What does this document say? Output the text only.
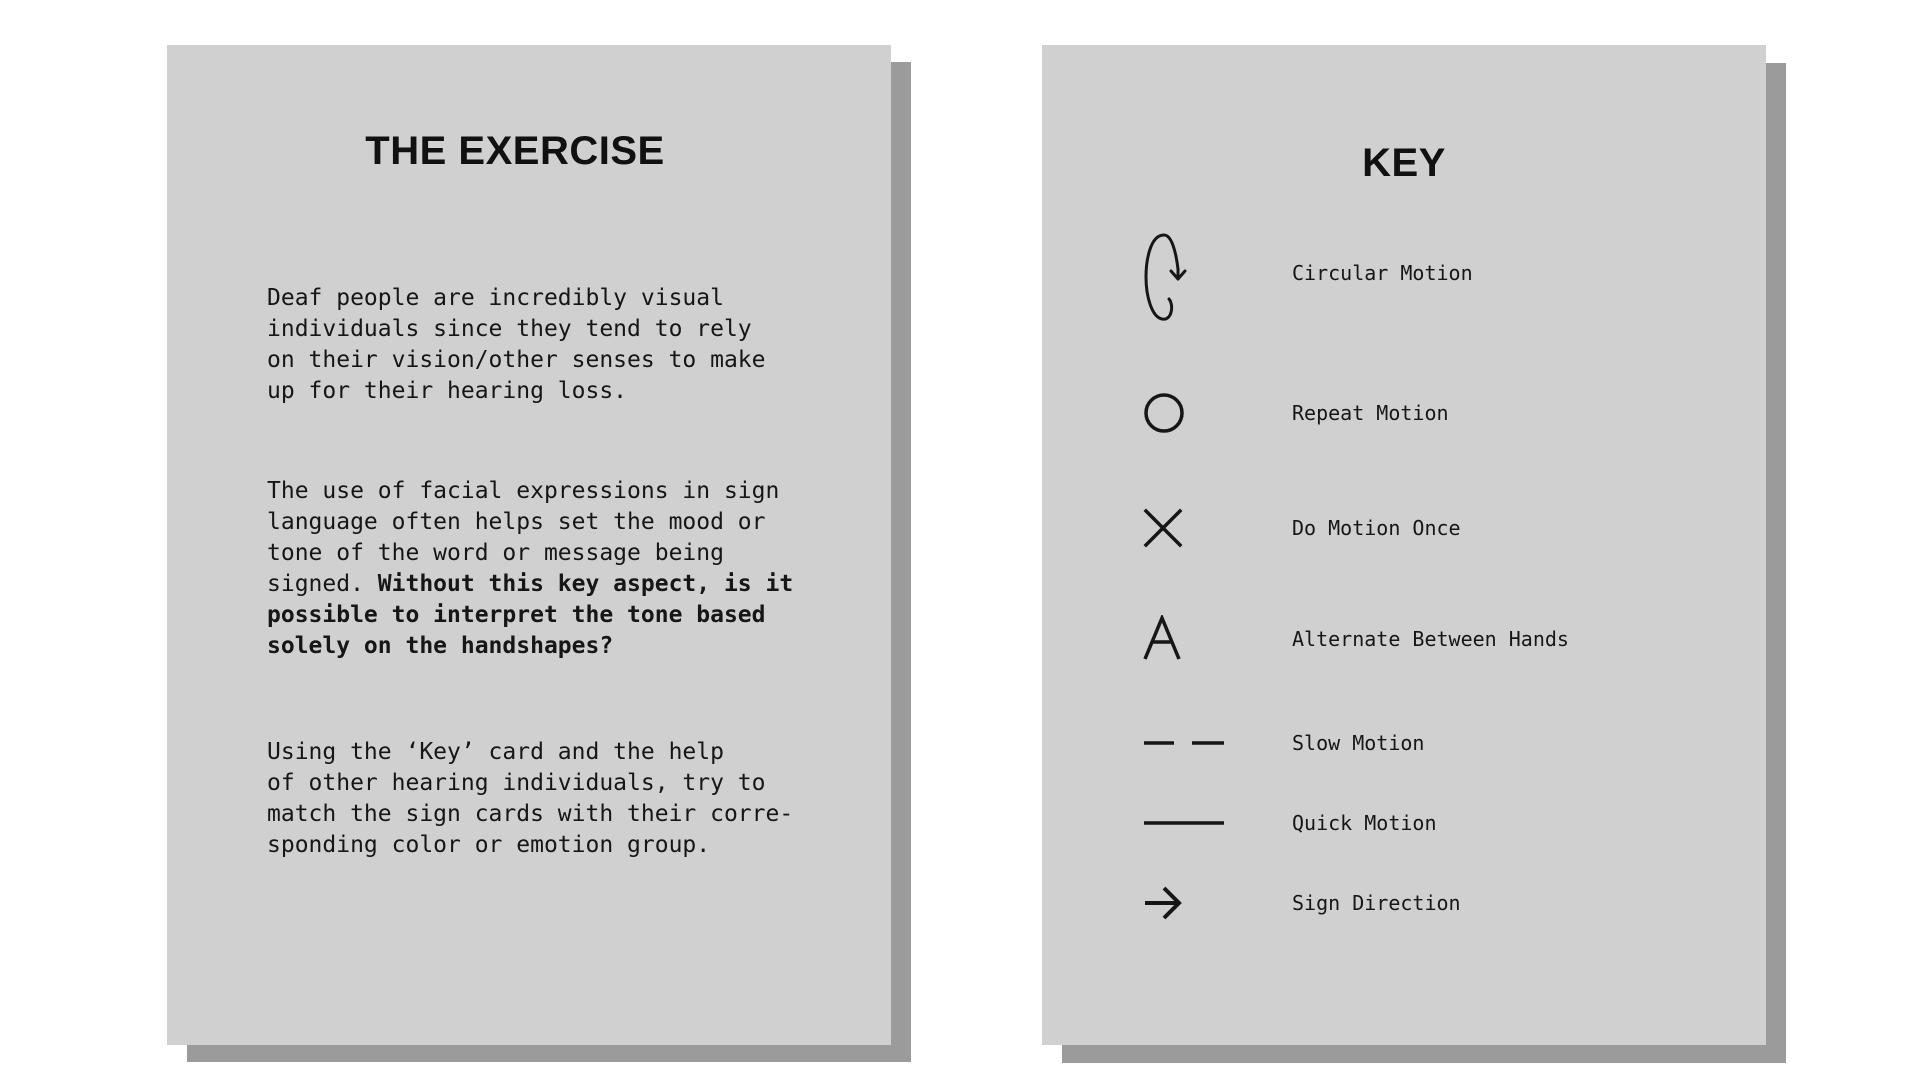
THE EXERCISE

Deaf people are incredibly visual
individuals since they tend to rely
on their vision/other senses to make
up for their hearing loss.

The use of facial expressions in sign
language often helps set the mood or
tone of the word or message being
signed. Without this key aspect, is it
possible to interpret the tone based
solely on the handshapes?

Using the ‘Key’ card and the help
of other hearing individuals, try to
match the sign cards with their corre-
sponding color or emotion group.

KEY
Circular Motion
Repeat Motion
Do Motion Once
Alternate Between Hands
Slow Motion
Quick Motion
Sign Direction
